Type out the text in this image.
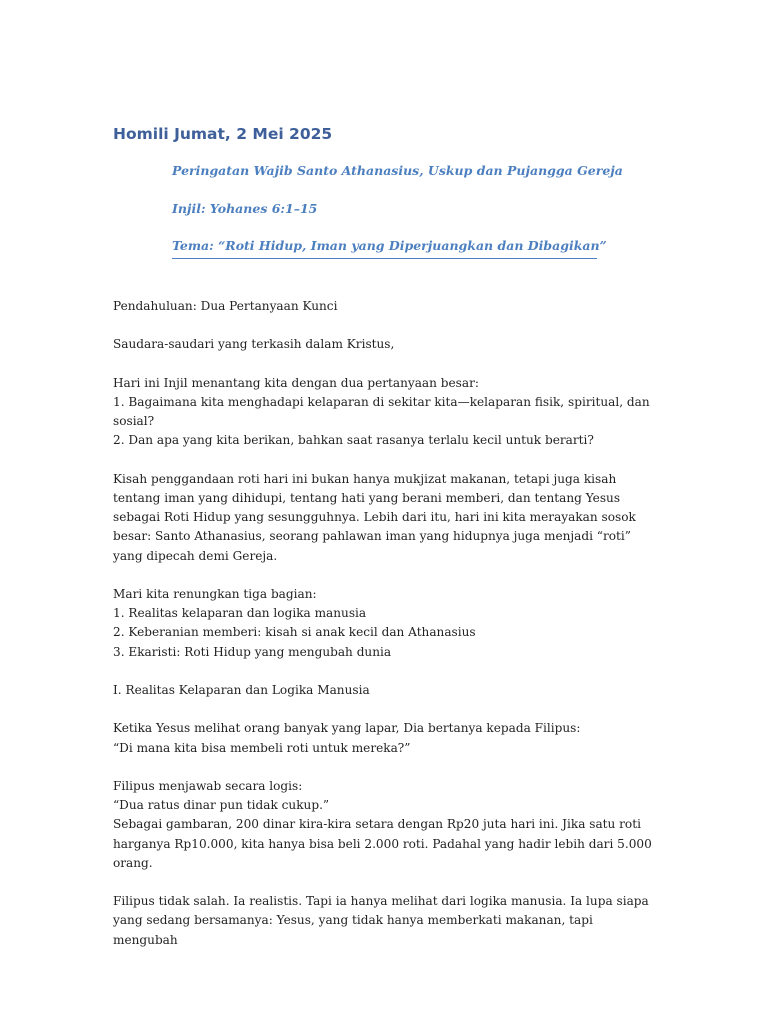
Homili Jumat, 2 Mei 2025
Peringatan Wajib Santo Athanasius, Uskup dan Pujangga Gereja
Injil: Yohanes 6:1–15
Tema: “Roti Hidup, Iman yang Diperjuangkan dan Dibagikan”

Pendahuluan: Dua Pertanyaan Kunci

Saudara-saudari yang terkasih dalam Kristus,

Hari ini Injil menantang kita dengan dua pertanyaan besar:

1. Bagaimana kita menghadapi kelaparan di sekitar kita—kelaparan fisik, spiritual, dan sosial?

2. Dan apa yang kita berikan, bahkan saat rasanya terlalu kecil untuk berarti?

Kisah penggandaan roti hari ini bukan hanya mukjizat makanan, tetapi juga kisah tentang iman yang dihidupi, tentang hati yang berani memberi, dan tentang Yesus sebagai Roti Hidup yang sesungguhnya. Lebih dari itu, hari ini kita merayakan sosok besar: Santo Athanasius, seorang pahlawan iman yang hidupnya juga menjadi “roti” yang dipecah demi Gereja.

Mari kita renungkan tiga bagian:

1. Realitas kelaparan dan logika manusia

2. Keberanian memberi: kisah si anak kecil dan Athanasius

3. Ekaristi: Roti Hidup yang mengubah dunia

I. Realitas Kelaparan dan Logika Manusia

Ketika Yesus melihat orang banyak yang lapar, Dia bertanya kepada Filipus:

“Di mana kita bisa membeli roti untuk mereka?”

Filipus menjawab secara logis:

“Dua ratus dinar pun tidak cukup.”

Sebagai gambaran, 200 dinar kira-kira setara dengan Rp20 juta hari ini. Jika satu roti harganya Rp10.000, kita hanya bisa beli 2.000 roti. Padahal yang hadir lebih dari 5.000 orang.

Filipus tidak salah. Ia realistis. Tapi ia hanya melihat dari logika manusia. Ia lupa siapa yang sedang bersamanya: Yesus, yang tidak hanya memberkati makanan, tapi mengubah
